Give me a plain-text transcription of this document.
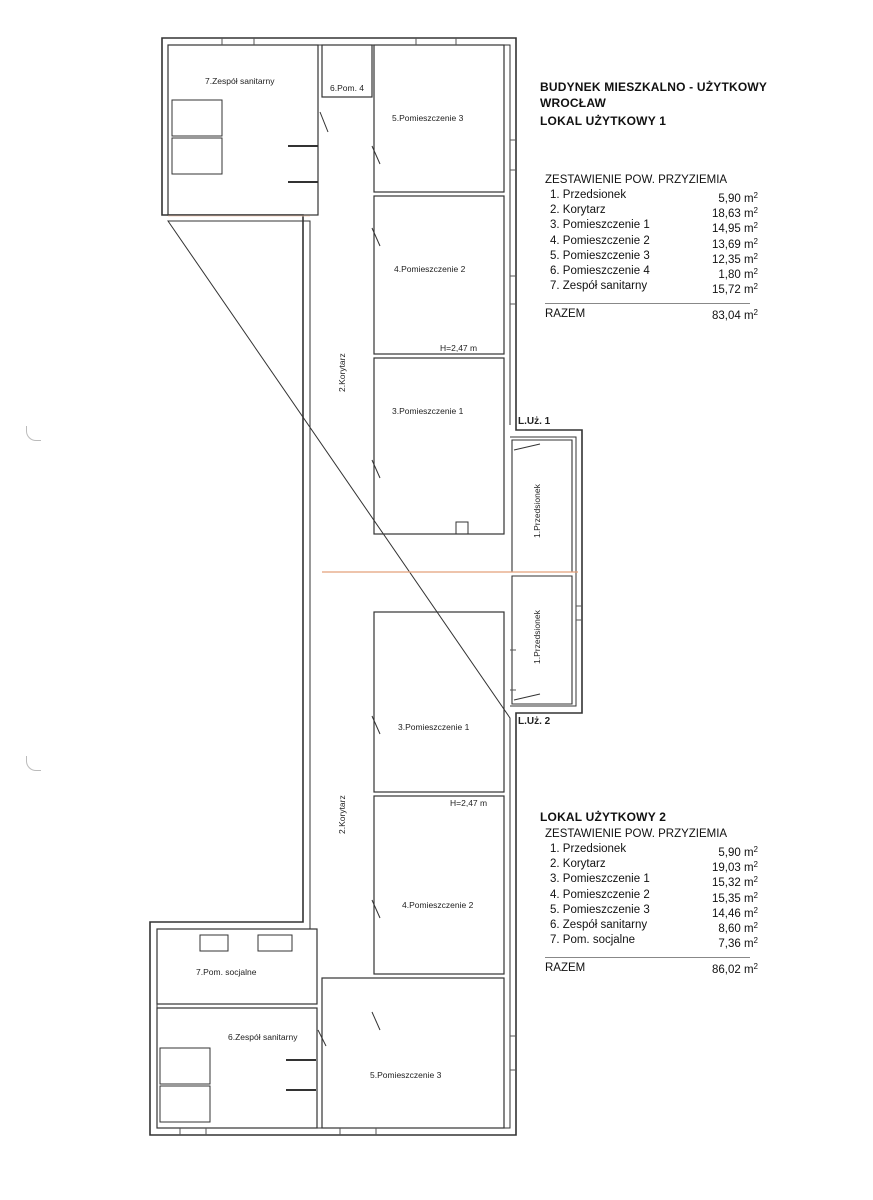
7.Zespół sanitarny
6.Pom. 4
5.Pomieszczenie 3
4.Pomieszczenie 2
H=2,47 m
3.Pomieszczenie 1
2.Korytarz
L.Uż. 1
1.Przedsionek
1.Przedsionek
L.Uż. 2
3.Pomieszczenie 1
H=2,47 m
2.Korytarz
4.Pomieszczenie 2
7.Pom. socjalne
6.Zespół sanitarny
5.Pomieszczenie 3
BUDYNEK MIESZKALNO - UŻYTKOWY
WROCŁAW
LOKAL UŻYTKOWY 1
ZESTAWIENIE POW. PRZYZIEMIA
1. Przedsionek	5,90 $m^2$
2. Korytarz	18,63 $m^2$
3. Pomieszczenie 1	14,95 $m^2$
4. Pomieszczenie 2	13,69 $m^2$
5. Pomieszczenie 3	12,35 $m^2$
6. Pomieszczenie 4	1,80 $m^2$
7. Zespół sanitarny	15,72 $m^2$
RAZEM	83,04 $m^2$
LOKAL UŻYTKOWY 2
ZESTAWIENIE POW. PRZYZIEMIA
1. Przedsionek	5,90 $m^2$
2. Korytarz	19,03 $m^2$
3. Pomieszczenie 1	15,32 $m^2$
4. Pomieszczenie 2	15,35 $m^2$
5. Pomieszczenie 3	14,46 $m^2$
6. Zespół sanitarny	8,60 $m^2$
7. Pom. socjalne	7,36 $m^2$
RAZEM	86,02 $m^2$
